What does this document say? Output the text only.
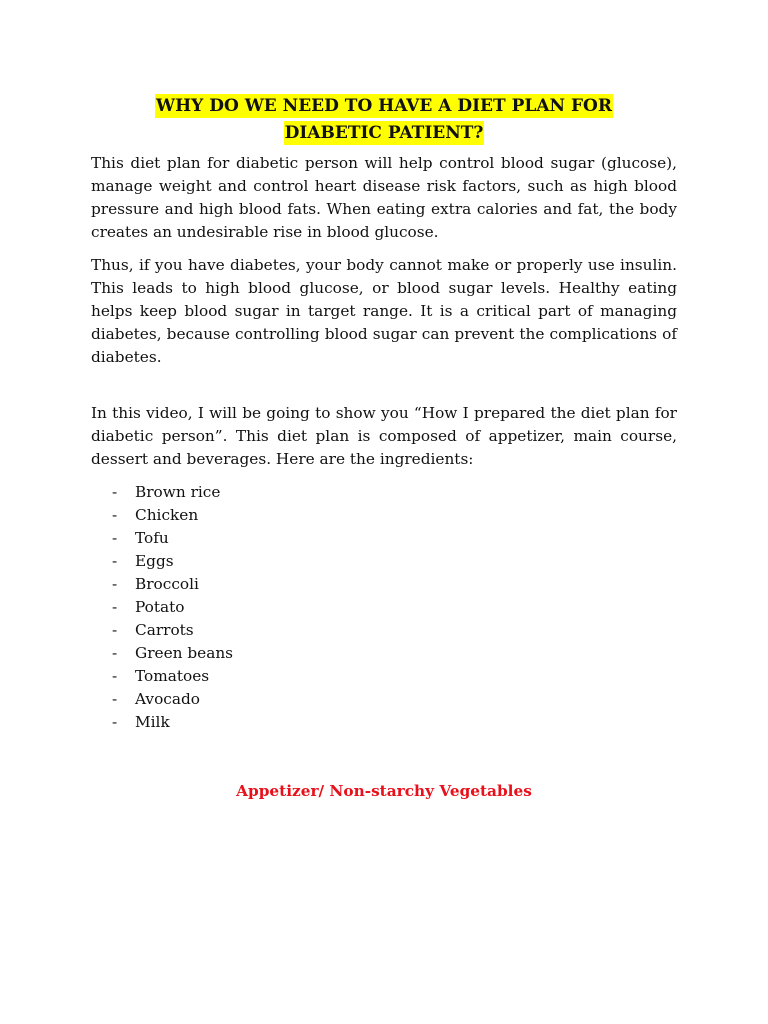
WHY DO WE NEED TO HAVE A DIET PLAN FOR
DIABETIC PATIENT?

This diet plan for diabetic person will help control blood sugar (glucose), manage weight and control heart disease risk factors, such as high blood pressure and high blood fats. When eating extra calories and fat, the body creates an undesirable rise in blood glucose.

Thus, if you have diabetes, your body cannot make or properly use insulin. This leads to high blood glucose, or blood sugar levels. Healthy eating helps keep blood sugar in target range. It is a critical part of managing diabetes, because controlling blood sugar can prevent the complications of diabetes.

In this video, I will be going to show you “How I prepared the diet plan for diabetic person”. This diet plan is composed of appetizer, main course, dessert and beverages. Here are the ingredients:

-	Brown rice
-	Chicken
-	Tofu
-	Eggs
-	Broccoli
-	Potato
-	Carrots
-	Green beans
-	Tomatoes
-	Avocado
-	Milk
Appetizer/ Non-starchy Vegetables
